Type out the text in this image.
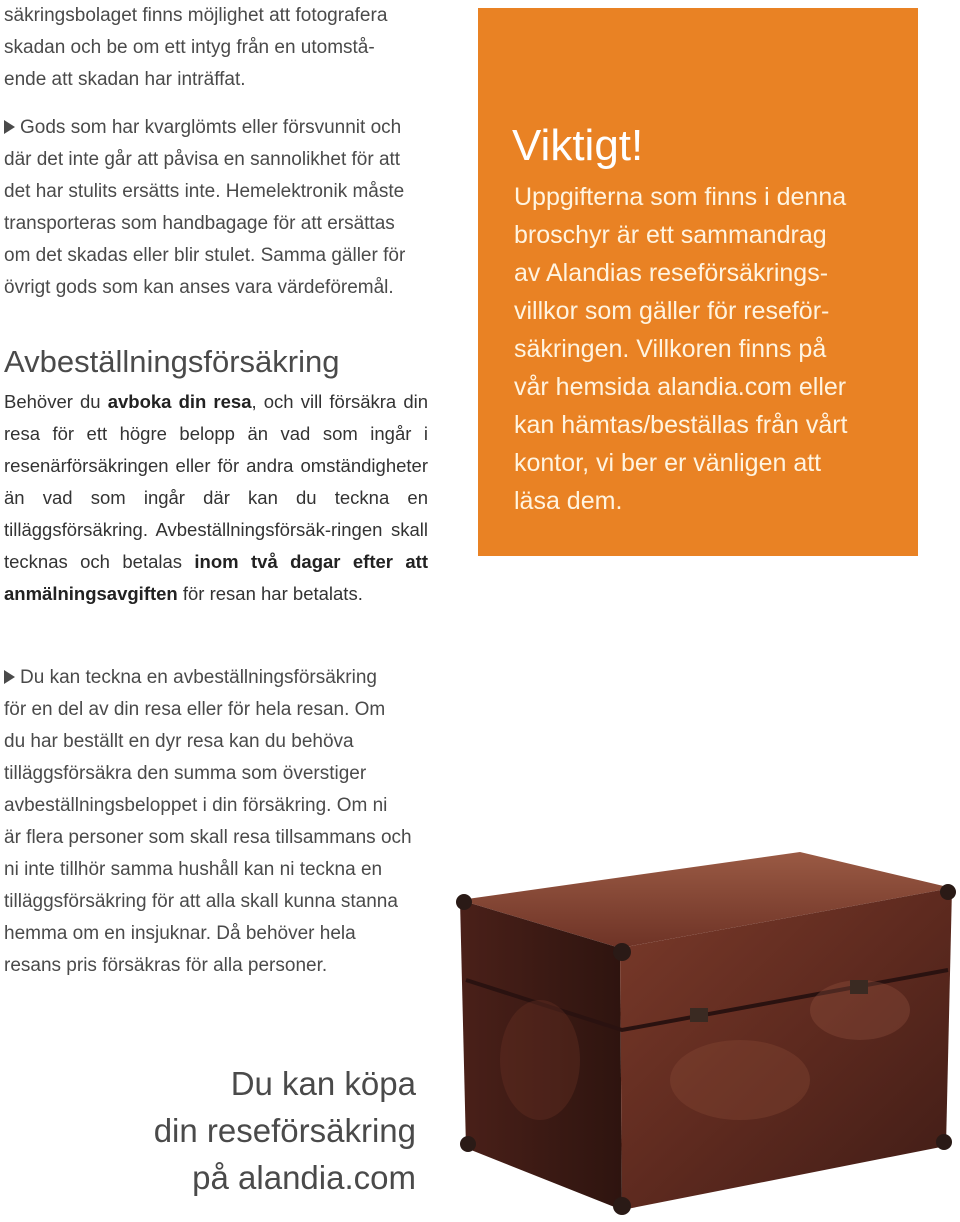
säkringsbolaget finns möjlighet att fotografera

skadan och be om ett intyg från en utomstå-

ende att skadan har inträffat.

Gods som har kvarglömts eller försvunnit och

där det inte går att påvisa en sannolikhet för att

det har stulits ersätts inte. Hemelektronik måste

transporteras som handbagage för att ersättas

om det skadas eller blir stulet. Samma gäller för

övrigt gods som kan anses vara värdeföremål.

Avbeställningsförsäkring

Behöver du avboka din resa, och vill försäkra din resa för ett högre belopp än vad som ingår i resenärförsäkringen eller för andra omständigheter än vad som ingår där kan du teckna en tilläggsförsäkring. Avbeställningsförsäk-ringen skall tecknas och betalas inom två dagar efter att anmälningsavgiften för resan har betalats.

Du kan teckna en avbeställningsförsäkring

för en del av din resa eller för hela resan. Om

du har beställt en dyr resa kan du behöva

tilläggsförsäkra den summa som överstiger

avbeställningsbeloppet i din försäkring. Om ni

är flera personer som skall resa tillsammans och

ni inte tillhör samma hushåll kan ni teckna en

tilläggsförsäkring för att alla skall kunna stanna

hemma om en insjuknar. Då behöver hela

resans pris försäkras för alla personer.

Viktigt!
Uppgifterna som finns i denna
broschyr är ett sammandrag
av Alandias reseförsäkrings-
villkor som gäller för reseför-
säkringen. Villkoren finns på
vår hemsida alandia.com eller
kan hämtas/beställas från vårt
kontor, vi ber er vänligen att
läsa dem.
Du kan köpa
din reseförsäkring
på alandia.com
